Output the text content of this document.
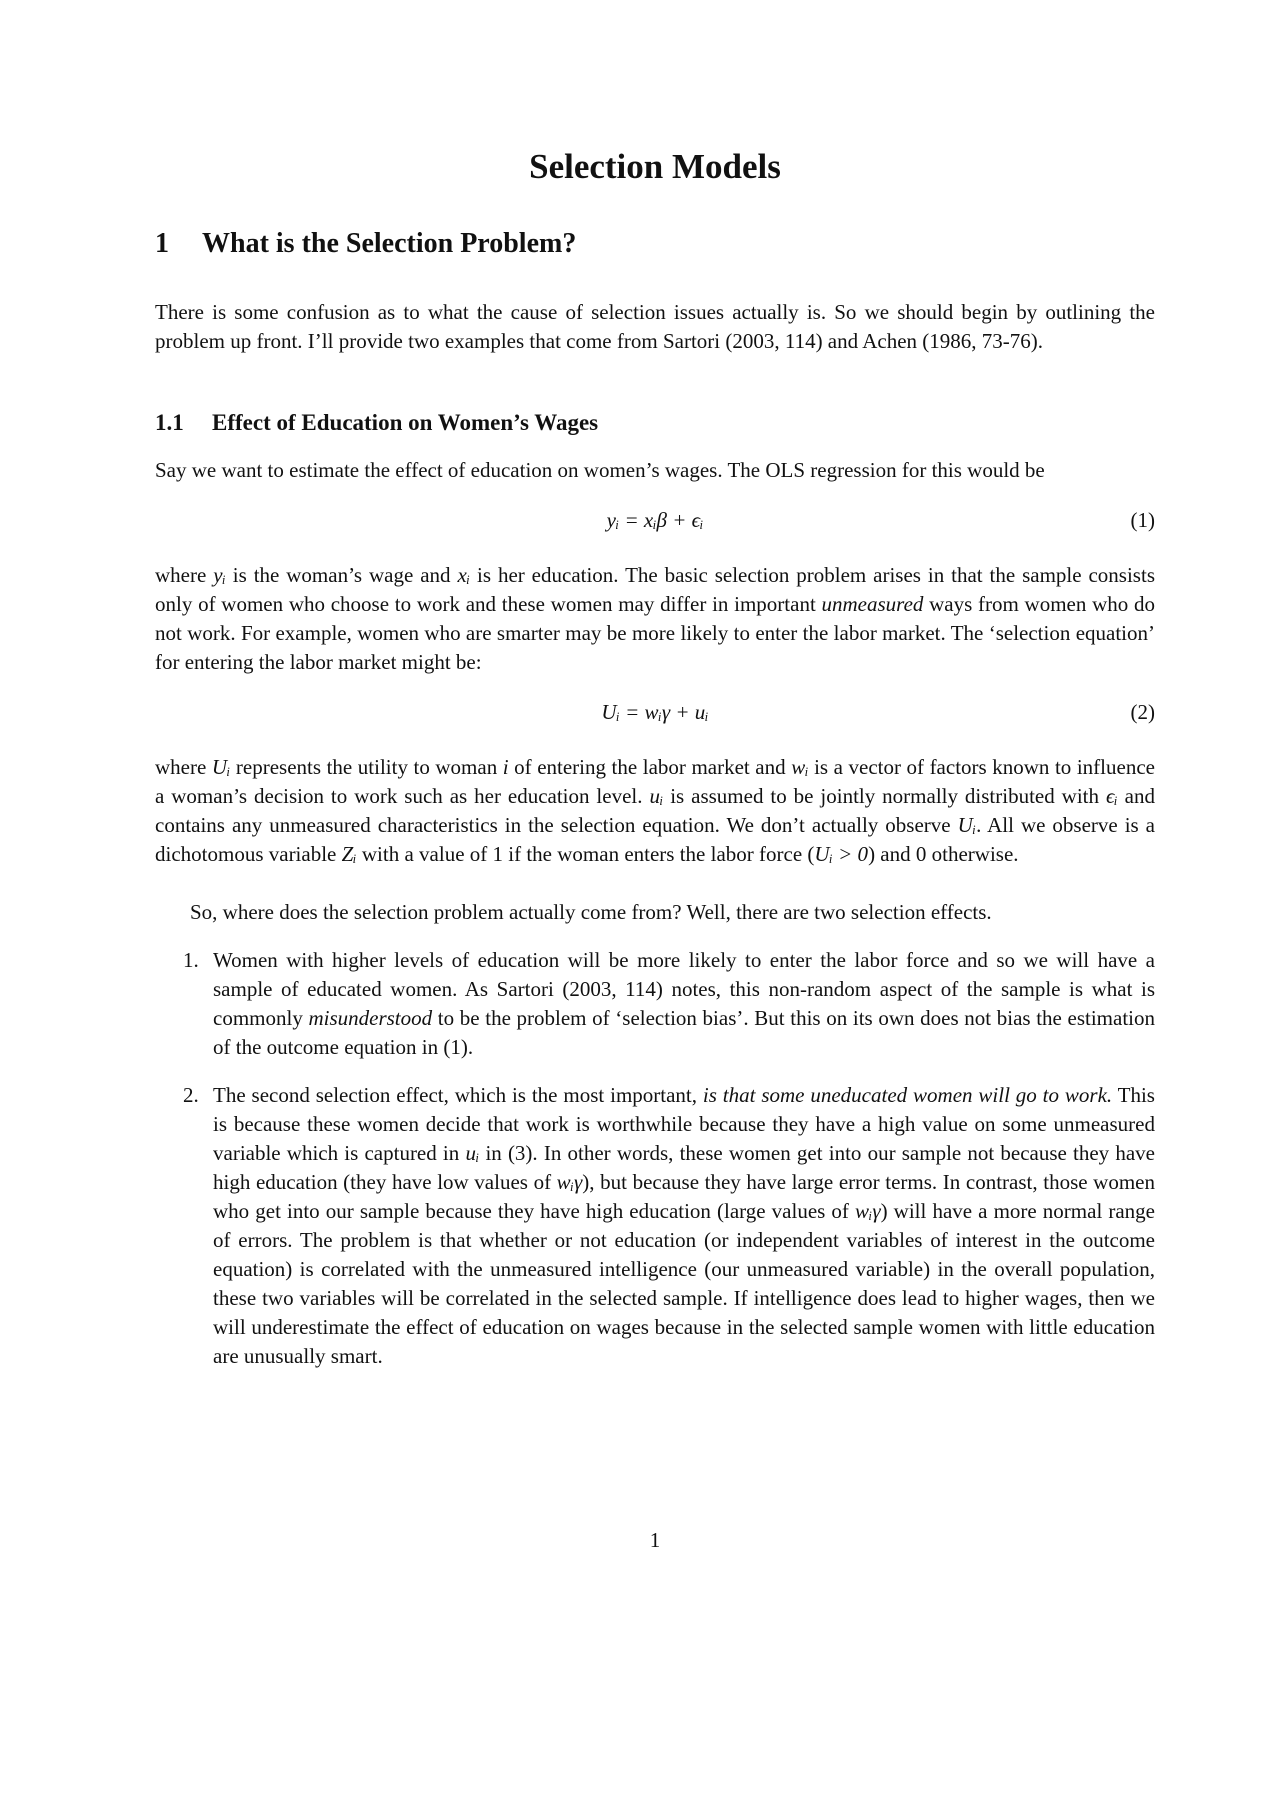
Selection Models
1 What is the Selection Problem?

There is some confusion as to what the cause of selection issues actually is. So we should begin by outlining the problem up front. I’ll provide two examples that come from Sartori (2003, 114) and Achen (1986, 73-76).

1.1 Effect of Education on Women’s Wages

Say we want to estimate the effect of education on women’s wages. The OLS regression for this would be

yᵢ = xᵢβ + ϵᵢ	(1)

where yᵢ is the woman’s wage and xᵢ is her education. The basic selection problem arises in that the sample consists only of women who choose to work and these women may differ in important unmeasured ways from women who do not work. For example, women who are smarter may be more likely to enter the labor market. The ‘selection equation’ for entering the labor market might be:

Uᵢ = wᵢγ + uᵢ	(2)

where Uᵢ represents the utility to woman i of entering the labor market and wᵢ is a vector of factors known to influence a woman’s decision to work such as her education level. uᵢ is assumed to be jointly normally distributed with ϵᵢ and contains any unmeasured characteristics in the selection equation. We don’t actually observe Uᵢ. All we observe is a dichotomous variable Zᵢ with a value of 1 if the woman enters the labor force (Uᵢ > 0) and 0 otherwise.

So, where does the selection problem actually come from? Well, there are two selection effects.

1. Women with higher levels of education will be more likely to enter the labor force and so we will have a sample of educated women. As Sartori (2003, 114) notes, this non-random aspect of the sample is what is commonly misunderstood to be the problem of ‘selection bias’. But this on its own does not bias the estimation of the outcome equation in (1).
2. The second selection effect, which is the most important, is that some uneducated women will go to work. This is because these women decide that work is worthwhile because they have a high value on some unmeasured variable which is captured in uᵢ in (3). In other words, these women get into our sample not because they have high education (they have low values of wᵢγ), but because they have large error terms. In contrast, those women who get into our sample because they have high education (large values of wᵢγ) will have a more normal range of errors. The problem is that whether or not education (or independent variables of interest in the outcome equation) is correlated with the unmeasured intelligence (our unmeasured variable) in the overall population, these two variables will be correlated in the selected sample. If intelligence does lead to higher wages, then we will underestimate the effect of education on wages because in the selected sample women with little education are unusually smart.
1
